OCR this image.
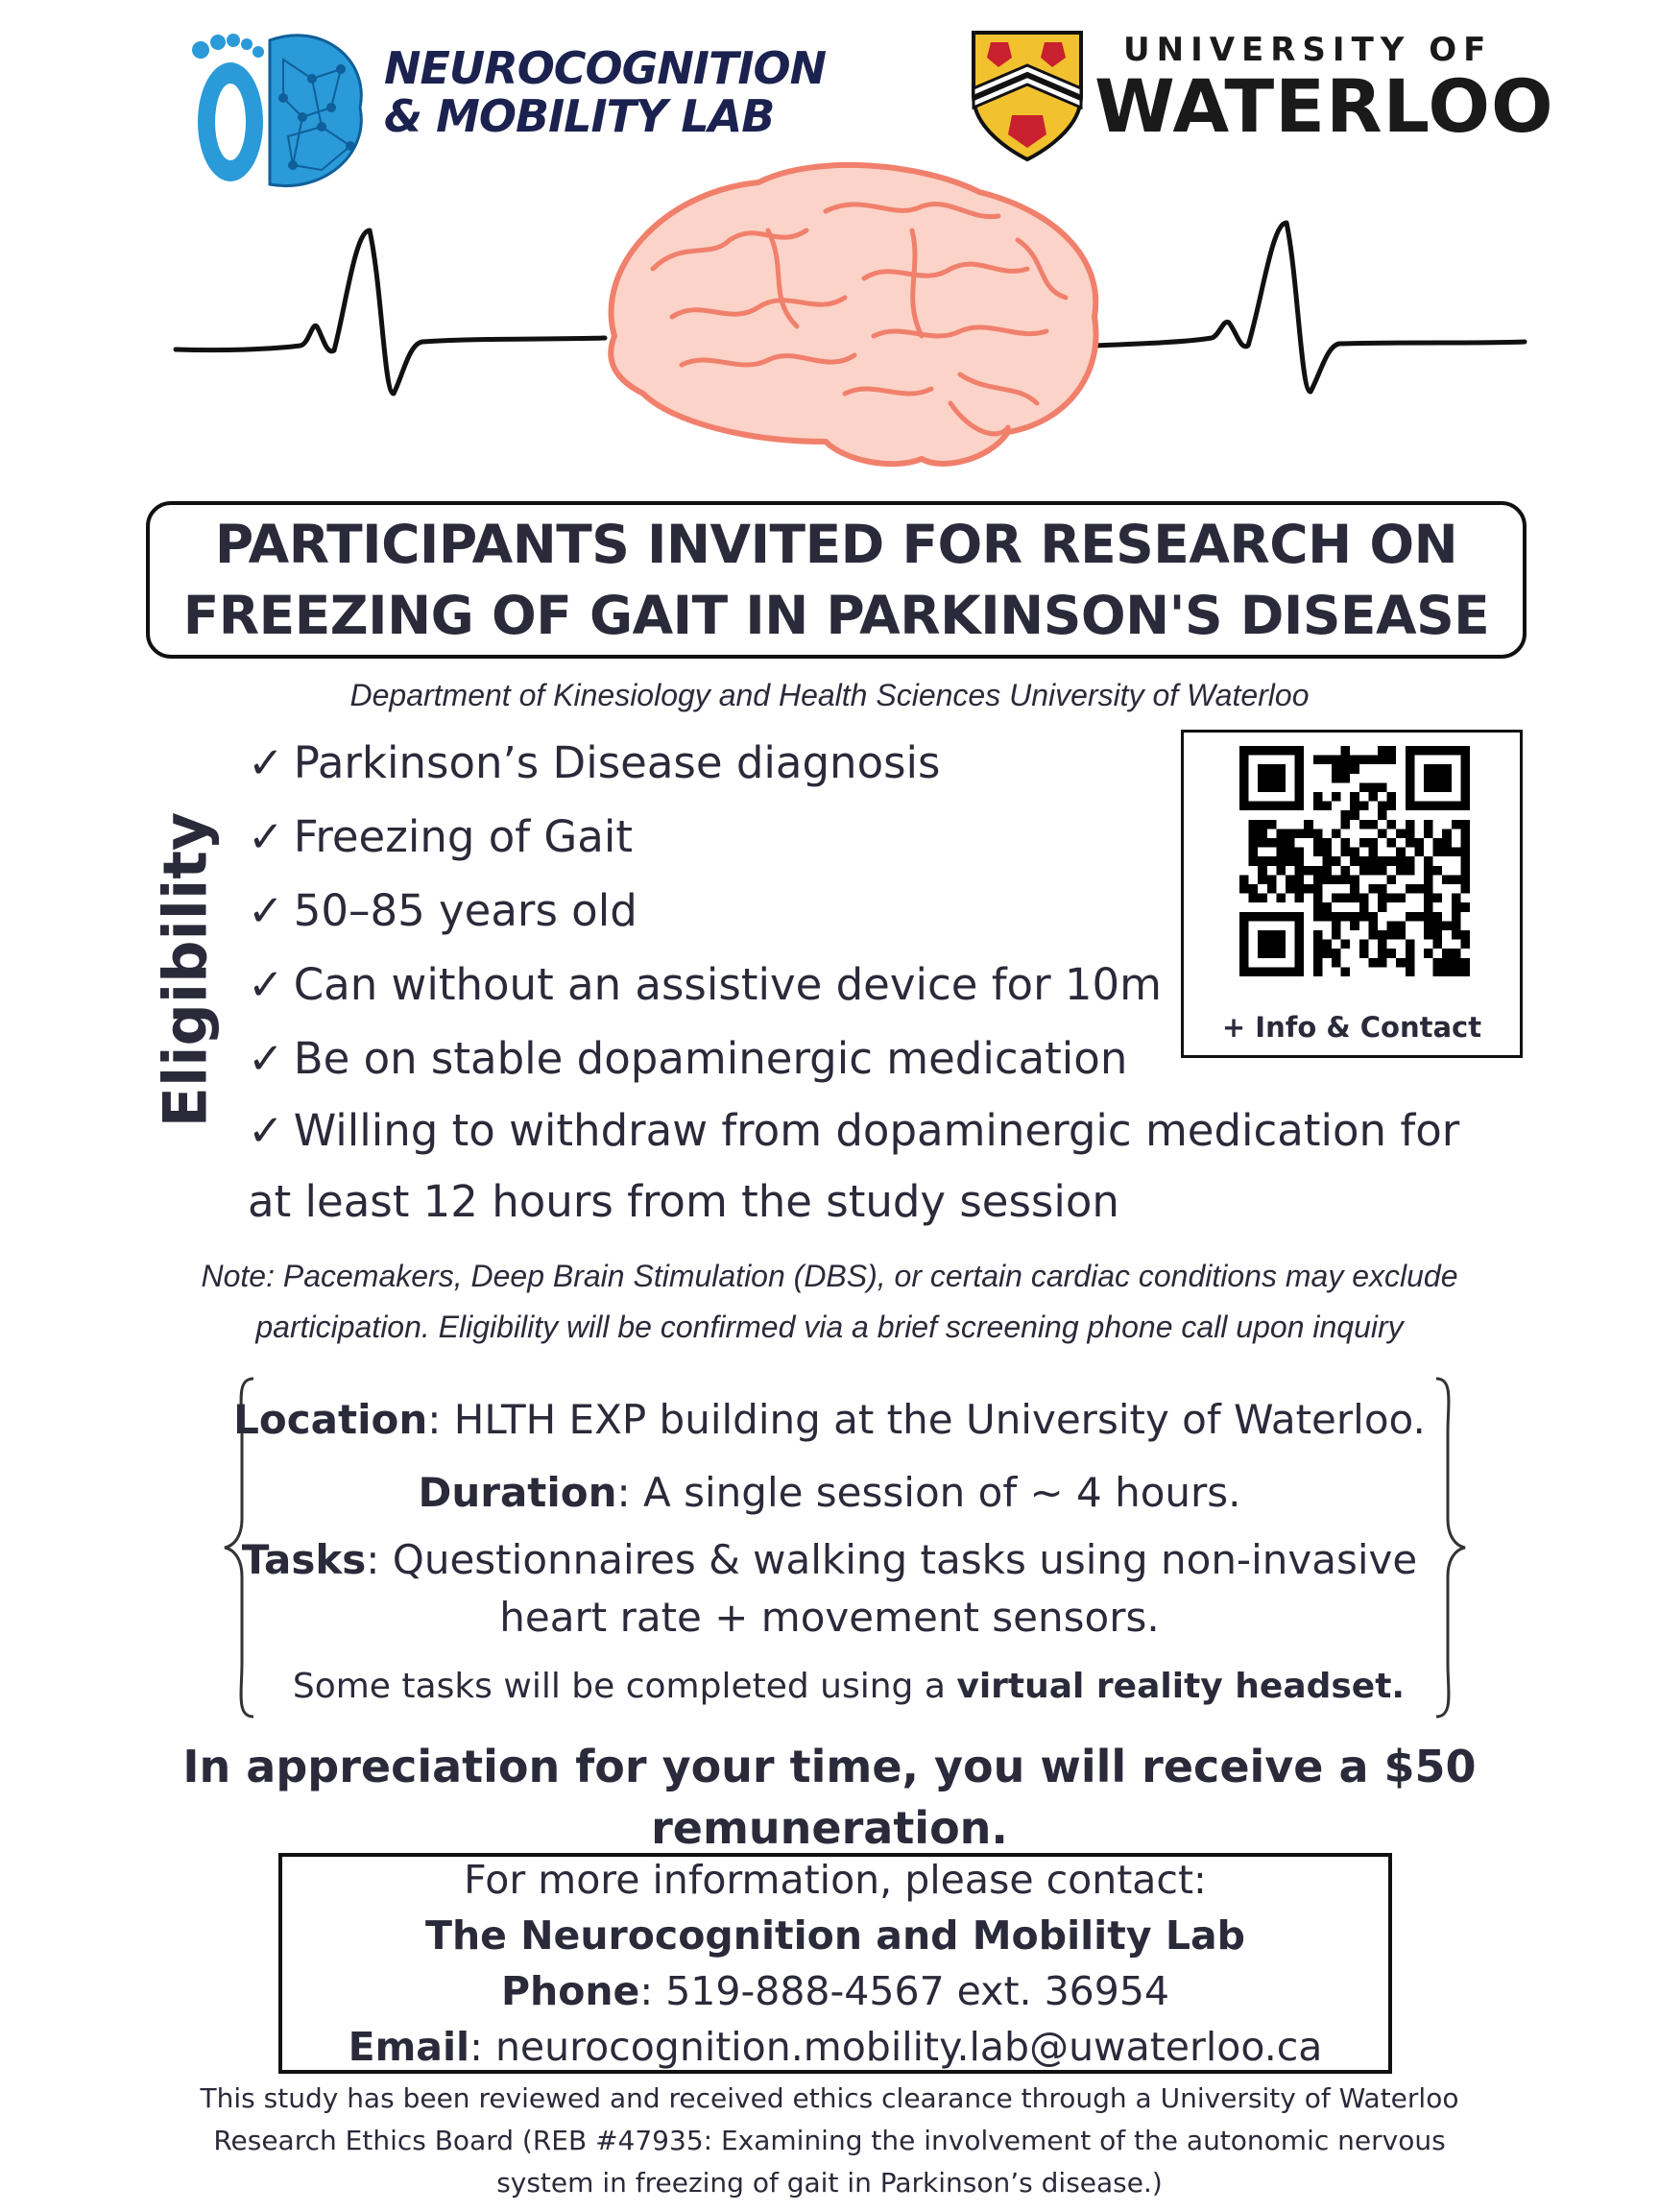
NEUROCOGNITION
& MOBILITY LAB
UNIVERSITY OF
WATERLOO
PARTICIPANTS INVITED FOR RESEARCH ON
FREEZING OF GAIT IN PARKINSON'S DISEASE
Department of Kinesiology and Health Sciences University of Waterloo
Eligibility
✓ Parkinson’s Disease diagnosis
✓ Freezing of Gait
✓ 50–85 years old
✓ Can without an assistive device for 10m
✓ Be on stable dopaminergic medication
✓ Willing to withdraw from dopaminergic medication for
at least 12 hours from the study session
+ Info & Contact
Note: Pacemakers, Deep Brain Stimulation (DBS), or certain cardiac conditions may exclude
participation. Eligibility will be confirmed via a brief screening phone call upon inquiry
Location: HLTH EXP building at the University of Waterloo.
Duration: A single session of ~ 4 hours.
Tasks: Questionnaires & walking tasks using non-invasive
heart rate + movement sensors.
Some tasks will be completed using a virtual reality headset.
In appreciation for your time, you will receive a $50
remuneration.
For more information, please contact:
The Neurocognition and Mobility Lab
Phone: 519-888-4567 ext. 36954
Email: neurocognition.mobility.lab@uwaterloo.ca
This study has been reviewed and received ethics clearance through a University of Waterloo
Research Ethics Board (REB #47935: Examining the involvement of the autonomic nervous
system in freezing of gait in Parkinson’s disease.)
